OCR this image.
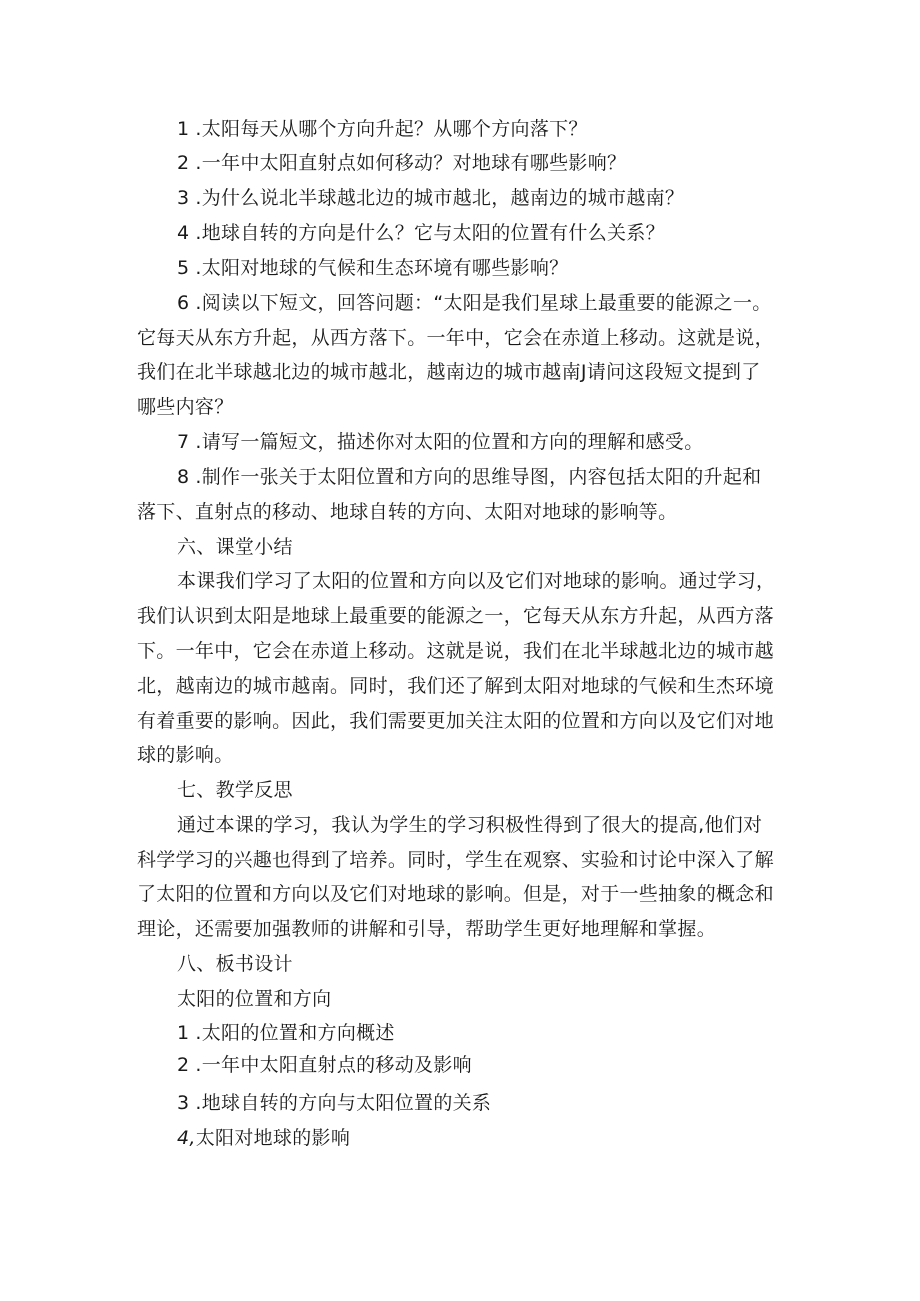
1 .太阳每天从哪个方向升起？从哪个方向落下？
2 .一年中太阳直射点如何移动？对地球有哪些影响？
3 .为什么说北半球越北边的城市越北，越南边的城市越南？
4 .地球自转的方向是什么？它与太阳的位置有什么关系？
5 .太阳对地球的气候和生态环境有哪些影响？
6 .阅读以下短文，回答问题：“太阳是我们星球上最重要的能源之一。
它每天从东方升起，从西方落下。一年中，它会在赤道上移动。这就是说，
我们在北半球越北边的城市越北，越南边的城市越南J请问这段短文提到了
哪些内容？
7 .请写一篇短文，描述你对太阳的位置和方向的理解和感受。
8 .制作一张关于太阳位置和方向的思维导图，内容包括太阳的升起和
落下、直射点的移动、地球自转的方向、太阳对地球的影响等。
六、课堂小结
本课我们学习了太阳的位置和方向以及它们对地球的影响。通过学习，
我们认识到太阳是地球上最重要的能源之一，它每天从东方升起，从西方落
下。一年中，它会在赤道上移动。这就是说，我们在北半球越北边的城市越
北，越南边的城市越南。同时，我们还了解到太阳对地球的气候和生杰环境
有着重要的影响。因此，我们需要更加关注太阳的位置和方向以及它们对地
球的影响。
七、教学反思
通过本课的学习，我认为学生的学习积极性得到了很大的提高,他们对
科学学习的兴趣也得到了培养。同时，学生在观察、实验和讨论中深入了解
了太阳的位置和方向以及它们对地球的影响。但是，对于一些抽象的概念和
理论，还需要加强教师的讲解和引导，帮助学生更好地理解和掌握。
八、板书设计
太阳的位置和方向
1 .太阳的位置和方向概述
2 .一年中太阳直射点的移动及影响
3 .地球自转的方向与太阳位置的关系
4,太阳对地球的影响
